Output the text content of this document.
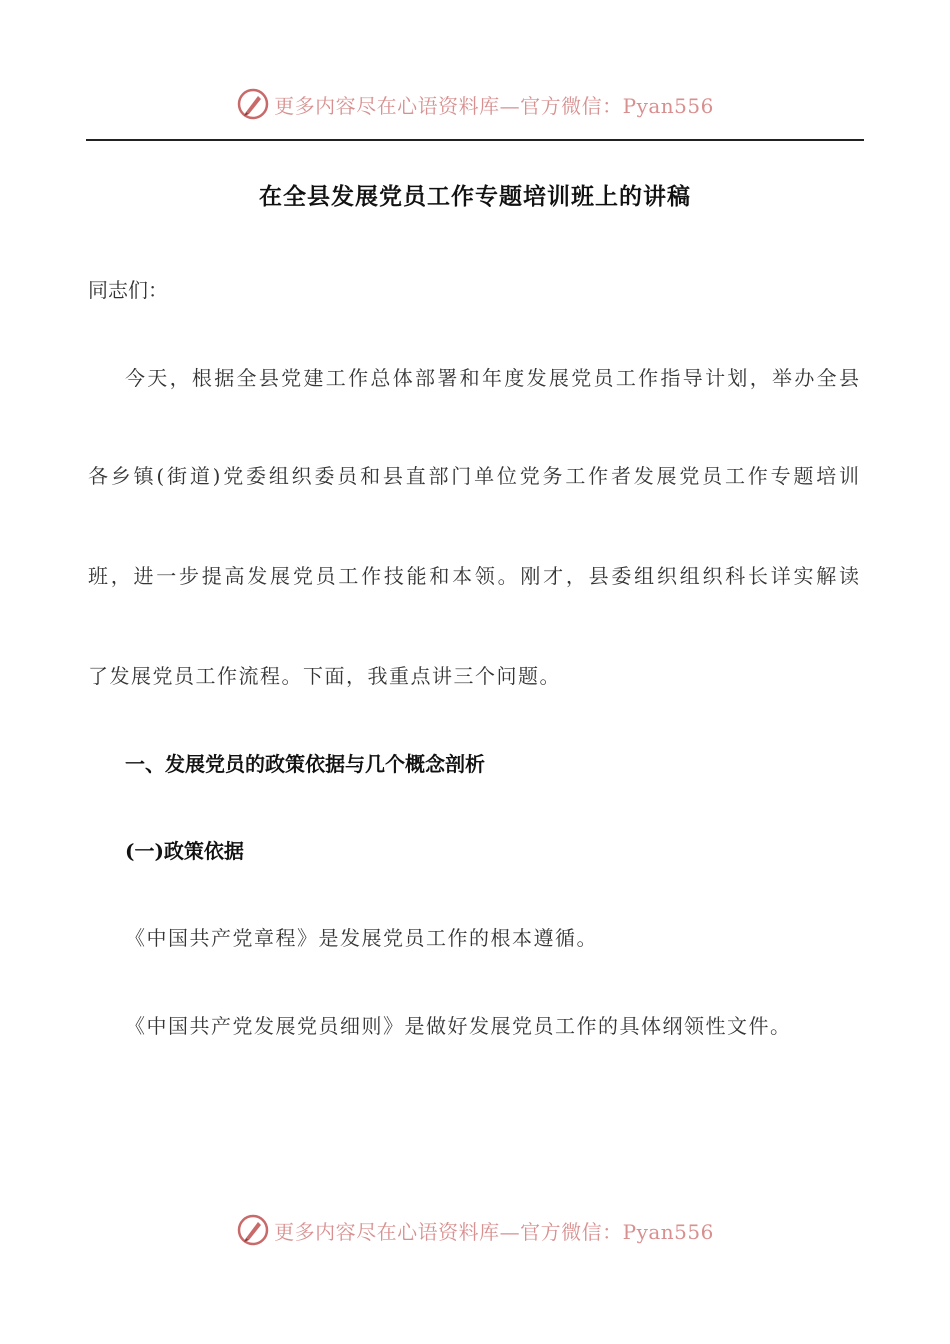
更多内容尽在心语资料库—官方微信：Pyan556
在全县发展党员工作专题培训班上的讲稿
同志们：
今天，根据全县党建工作总体部署和年度发展党员工作指导计划，举办全县
各乡镇(街道)党委组织委员和县直部门单位党务工作者发展党员工作专题培训
班，进一步提高发展党员工作技能和本领。刚才，县委组织组织科长详实解读
了发展党员工作流程。下面，我重点讲三个问题。
一、发展党员的政策依据与几个概念剖析
(一)政策依据
《中国共产党章程》是发展党员工作的根本遵循。
《中国共产党发展党员细则》是做好发展党员工作的具体纲领性文件。
更多内容尽在心语资料库—官方微信：Pyan556
